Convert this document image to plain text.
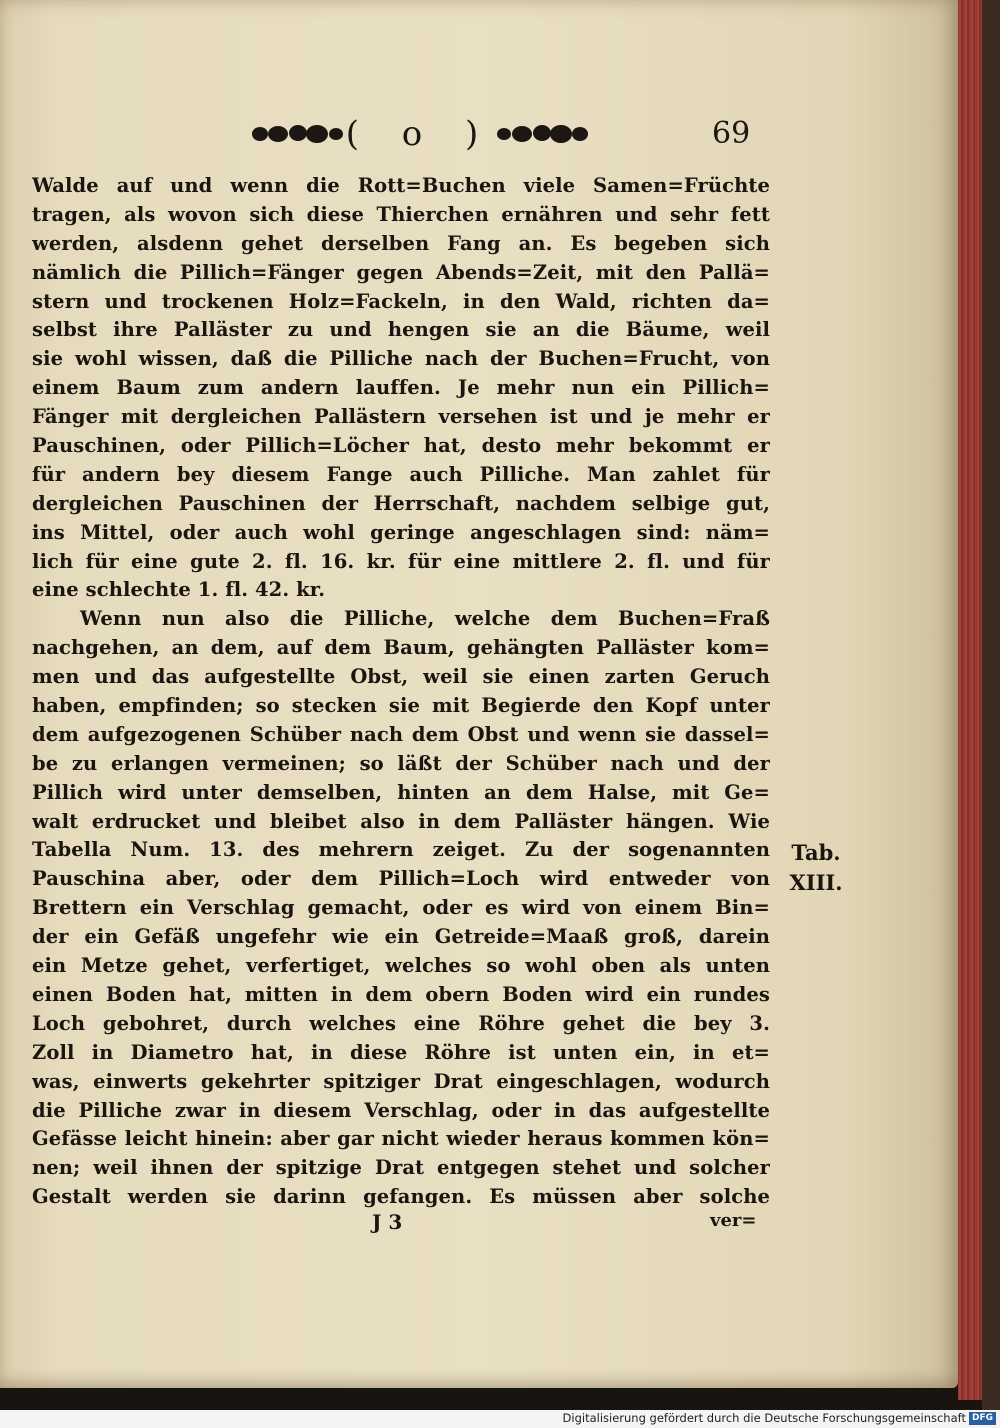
( o )	69
Walde auf und wenn die Rott=Buchen viele Samen=Früchte
tragen, als wovon sich diese Thierchen ernähren und sehr fett
werden, alsdenn gehet derselben Fang an. Es begeben sich
nämlich die Pillich=Fänger gegen Abends=Zeit, mit den Pallä=
stern und trockenen Holz=Fackeln, in den Wald, richten da=
selbst ihre Palläster zu und hengen sie an die Bäume, weil
sie wohl wissen, daß die Pilliche nach der Buchen=Frucht, von
einem Baum zum andern lauffen. Je mehr nun ein Pillich=
Fänger mit dergleichen Pallästern versehen ist und je mehr er
Pauschinen, oder Pillich=Löcher hat, desto mehr bekommt er
für andern bey diesem Fange auch Pilliche. Man zahlet für
dergleichen Pauschinen der Herrschaft, nachdem selbige gut,
ins Mittel, oder auch wohl geringe angeschlagen sind: näm=
lich für eine gute 2. fl. 16. kr. für eine mittlere 2. fl. und für
eine schlechte 1. fl. 42. kr.
Wenn nun also die Pilliche, welche dem Buchen=Fraß
nachgehen, an dem, auf dem Baum, gehängten Palläster kom=
men und das aufgestellte Obst, weil sie einen zarten Geruch
haben, empfinden; so stecken sie mit Begierde den Kopf unter
dem aufgezogenen Schüber nach dem Obst und wenn sie dassel=
be zu erlangen vermeinen; so läßt der Schüber nach und der
Pillich wird unter demselben, hinten an dem Halse, mit Ge=
walt erdrucket und bleibet also in dem Palläster hängen. Wie
Tabella Num. 13. des mehrern zeiget. Zu der sogenannten
Pauschina aber, oder dem Pillich=Loch wird entweder von
Brettern ein Verschlag gemacht, oder es wird von einem Bin=
der ein Gefäß ungefehr wie ein Getreide=Maaß groß, darein
ein Metze gehet, verfertiget, welches so wohl oben als unten
einen Boden hat, mitten in dem obern Boden wird ein rundes
Loch gebohret, durch welches eine Röhre gehet die bey 3.
Zoll in Diametro hat, in diese Röhre ist unten ein, in et=
was, einwerts gekehrter spitziger Drat eingeschlagen, wodurch
die Pilliche zwar in diesem Verschlag, oder in das aufgestellte
Gefässe leicht hinein: aber gar nicht wieder heraus kommen kön=
nen; weil ihnen der spitzige Drat entgegen stehet und solcher
Gestalt werden sie darinn gefangen. Es müssen aber solche
Tab.
XIII.
J 3	ver=
Digitalisierung gefördert durch die Deutsche Forschungsgemeinschaft DFG
